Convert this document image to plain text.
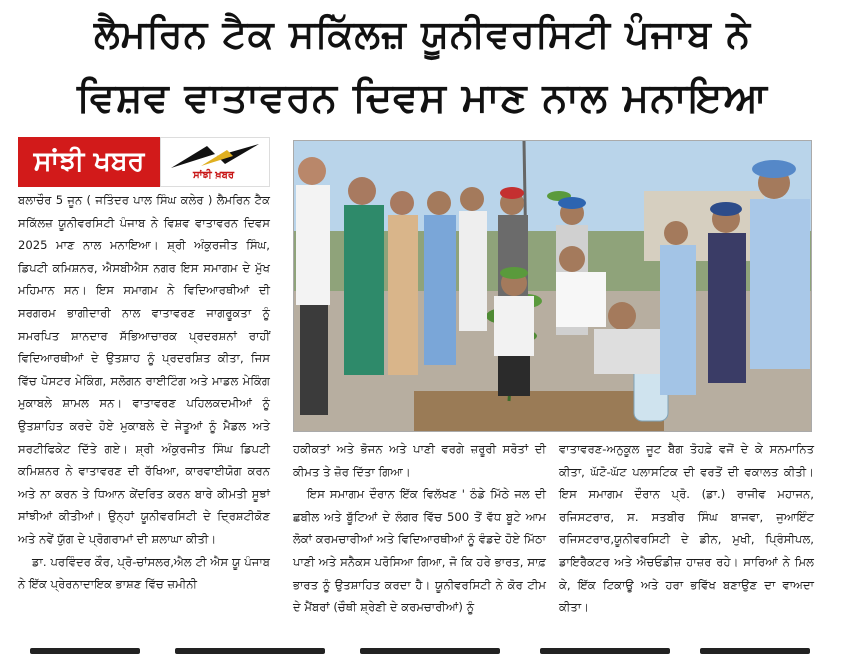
ਲੈਮਰਿਨ ਟੈਕ ਸਕਿੱਲਜ਼ ਯੂਨੀਵਰਸਿਟੀ ਪੰਜਾਬ ਨੇ
ਵਿਸ਼ਵ ਵਾਤਾਵਰਨ ਦਿਵਸ ਮਾਣ ਨਾਲ ਮਨਾਇਆ
ਸਾਂਝੀ ਖਬਰ	ਸਾਂਝੀ ਖ਼ਬਰ

ਬਲਾਚੌਰ 5 ਜੂਨ ( ਜਤਿੰਦਰ ਪਾਲ ਸਿੰਘ ਕਲੇਰ ) ਲੈਮਰਿਨ ਟੈਕ ਸਕਿੱਲਜ਼ ਯੂਨੀਵਰਸਿਟੀ ਪੰਜਾਬ ਨੇ ਵਿਸ਼ਵ ਵਾਤਾਵਰਨ ਦਿਵਸ 2025 ਮਾਣ ਨਾਲ ਮਨਾਇਆ। ਸ਼੍ਰੀ ਅੰਕੁਰਜੀਤ ਸਿੰਘ, ਡਿਪਟੀ ਕਮਿਸ਼ਨਰ, ਐਸਬੀਐਸ ਨਗਰ ਇਸ ਸਮਾਗਮ ਦੇ ਮੁੱਖ ਮਹਿਮਾਨ ਸਨ। ਇਸ ਸਮਾਗਮ ਨੇ ਵਿਦਿਆਰਥੀਆਂ ਦੀ ਸਰਗਰਮ ਭਾਗੀਦਾਰੀ ਨਾਲ ਵਾਤਾਵਰਣ ਜਾਗਰੂਕਤਾ ਨੂੰ ਸਮਰਪਿਤ ਸ਼ਾਨਦਾਰ ਸੱਭਿਆਚਾਰਕ ਪ੍ਰਦਰਸ਼ਨਾਂ ਰਾਹੀਂ ਵਿਦਿਆਰਥੀਆਂ ਦੇ ਉਤਸ਼ਾਹ ਨੂੰ ਪ੍ਰਦਰਸ਼ਿਤ ਕੀਤਾ, ਜਿਸ ਵਿੱਚ ਪੋਸਟਰ ਮੇਕਿੰਗ, ਸਲੋਗਨ ਰਾਈਟਿੰਗ ਅਤੇ ਮਾਡਲ ਮੇਕਿੰਗ ਮੁਕਾਬਲੇ ਸ਼ਾਮਲ ਸਨ। ਵਾਤਾਵਰਣ ਪਹਿਲਕਦਮੀਆਂ ਨੂੰ ਉਤਸ਼ਾਹਿਤ ਕਰਦੇ ਹੋਏ ਮੁਕਾਬਲੇ ਦੇ ਜੇਤੂਆਂ ਨੂੰ ਮੈਡਲ ਅਤੇ ਸਰਟੀਫਿਕੇਟ ਦਿੱਤੇ ਗਏ। ਸ਼੍ਰੀ ਅੰਕੁਰਜੀਤ ਸਿੰਘ ਡਿਪਟੀ ਕਮਿਸ਼ਨਰ ਨੇ ਵਾਤਾਵਰਣ ਦੀ ਰੱਖਿਆ, ਕਾਰਵਾਈਯੋਗ ਕਰਨ ਅਤੇ ਨਾ ਕਰਨ ਤੇ ਧਿਆਨ ਕੇਂਦਰਿਤ ਕਰਨ ਬਾਰੇ ਕੀਮਤੀ ਸੂਝਾਂ ਸਾਂਝੀਆਂ ਕੀਤੀਆਂ। ਉਨ੍ਹਾਂ ਯੂਨੀਵਰਸਿਟੀ ਦੇ ਦ੍ਰਿਸ਼ਟੀਕੋਣ ਅਤੇ ਨਵੇਂ ਯੁੱਗ ਦੇ ਪ੍ਰੋਗਰਾਮਾਂ ਦੀ ਸ਼ਲਾਘਾ ਕੀਤੀ।

ਡਾ. ਪਰਵਿੰਦਰ ਕੌਰ, ਪ੍ਰੋ-ਚਾਂਸਲਰ,ਐਲ ਟੀ ਐਸ ਯੂ ਪੰਜਾਬ ਨੇ ਇੱਕ ਪ੍ਰੇਰਨਾਦਾਇਕ ਭਾਸ਼ਣ ਵਿੱਚ ਜ਼ਮੀਨੀ

ਹਕੀਕਤਾਂ ਅਤੇ ਭੋਜਨ ਅਤੇ ਪਾਣੀ ਵਰਗੇ ਜ਼ਰੂਰੀ ਸਰੋਤਾਂ ਦੀ ਕੀਮਤ ਤੇ ਜ਼ੋਰ ਦਿੱਤਾ ਗਿਆ।

ਇਸ ਸਮਾਗਮ ਦੌਰਾਨ ਇੱਕ ਵਿਲੱਖਣ ' ਠੰਡੇ ਮਿੱਠੇ ਜਲ ਦੀ ਛਬੀਲ ਅਤੇ ਬੂੱਟਿਆਂ ਦੇ ਲੰਗਰ ਵਿੱਚ 500 ਤੋਂ ਵੱਧ ਬੂਟੇ ਆਮ ਲੋਕਾਂ ਕਰਮਚਾਰੀਆਂ ਅਤੇ ਵਿਦਿਆਰਥੀਆਂ ਨੂੰ ਵੰਡਦੇ ਹੋਏ ਮਿੱਠਾ ਪਾਣੀ ਅਤੇ ਸਨੈਕਸ ਪਰੋਸਿਆ ਗਿਆ, ਜੋ ਕਿ ਹਰੇ ਭਾਰਤ, ਸਾਫ਼ ਭਾਰਤ ਨੂੰ ਉਤਸ਼ਾਹਿਤ ਕਰਦਾ ਹੈ। ਯੂਨੀਵਰਸਿਟੀ ਨੇ ਕੋਰ ਟੀਮ ਦੇ ਮੈਂਬਰਾਂ (ਚੌਥੀ ਸ਼੍ਰੇਣੀ ਦੇ ਕਰਮਚਾਰੀਆਂ) ਨੂੰ

ਵਾਤਾਵਰਣ-ਅਨੁਕੂਲ ਜੂਟ ਬੈਗ ਤੋਹਫ਼ੇ ਵਜੋਂ ਦੇ ਕੇ ਸਨਮਾਨਿਤ ਕੀਤਾ, ਘੱਟੋ-ਘੱਟ ਪਲਾਸਟਿਕ ਦੀ ਵਰਤੋਂ ਦੀ ਵਕਾਲਤ ਕੀਤੀ। ਇਸ ਸਮਾਗਮ ਦੌਰਾਨ ਪ੍ਰੋ. (ਡਾ.) ਰਾਜੀਵ ਮਹਾਜਨ, ਰਜਿਸਟਰਾਰ, ਸ. ਸਤਬੀਰ ਸਿੰਘ ਬਾਜਵਾ, ਜੁਆਇੰਟ ਰਜਿਸਟਰਾਰ,ਯੂਨੀਵਰਸਿਟੀ ਦੇ ਡੀਨ, ਮੁਖੀ, ਪ੍ਰਿੰਸੀਪਲ, ਡਾਇਰੈਕਟਰ ਅਤੇ ਐਚਓਡੀਜ਼ ਹਾਜ਼ਰ ਰਹੇ। ਸਾਰਿਆਂ ਨੇ ਮਿਲ ਕੇ, ਇੱਕ ਟਿਕਾਊ ਅਤੇ ਹਰਾ ਭਵਿੱਖ ਬਣਾਉਣ ਦਾ ਵਾਅਦਾ ਕੀਤਾ।
